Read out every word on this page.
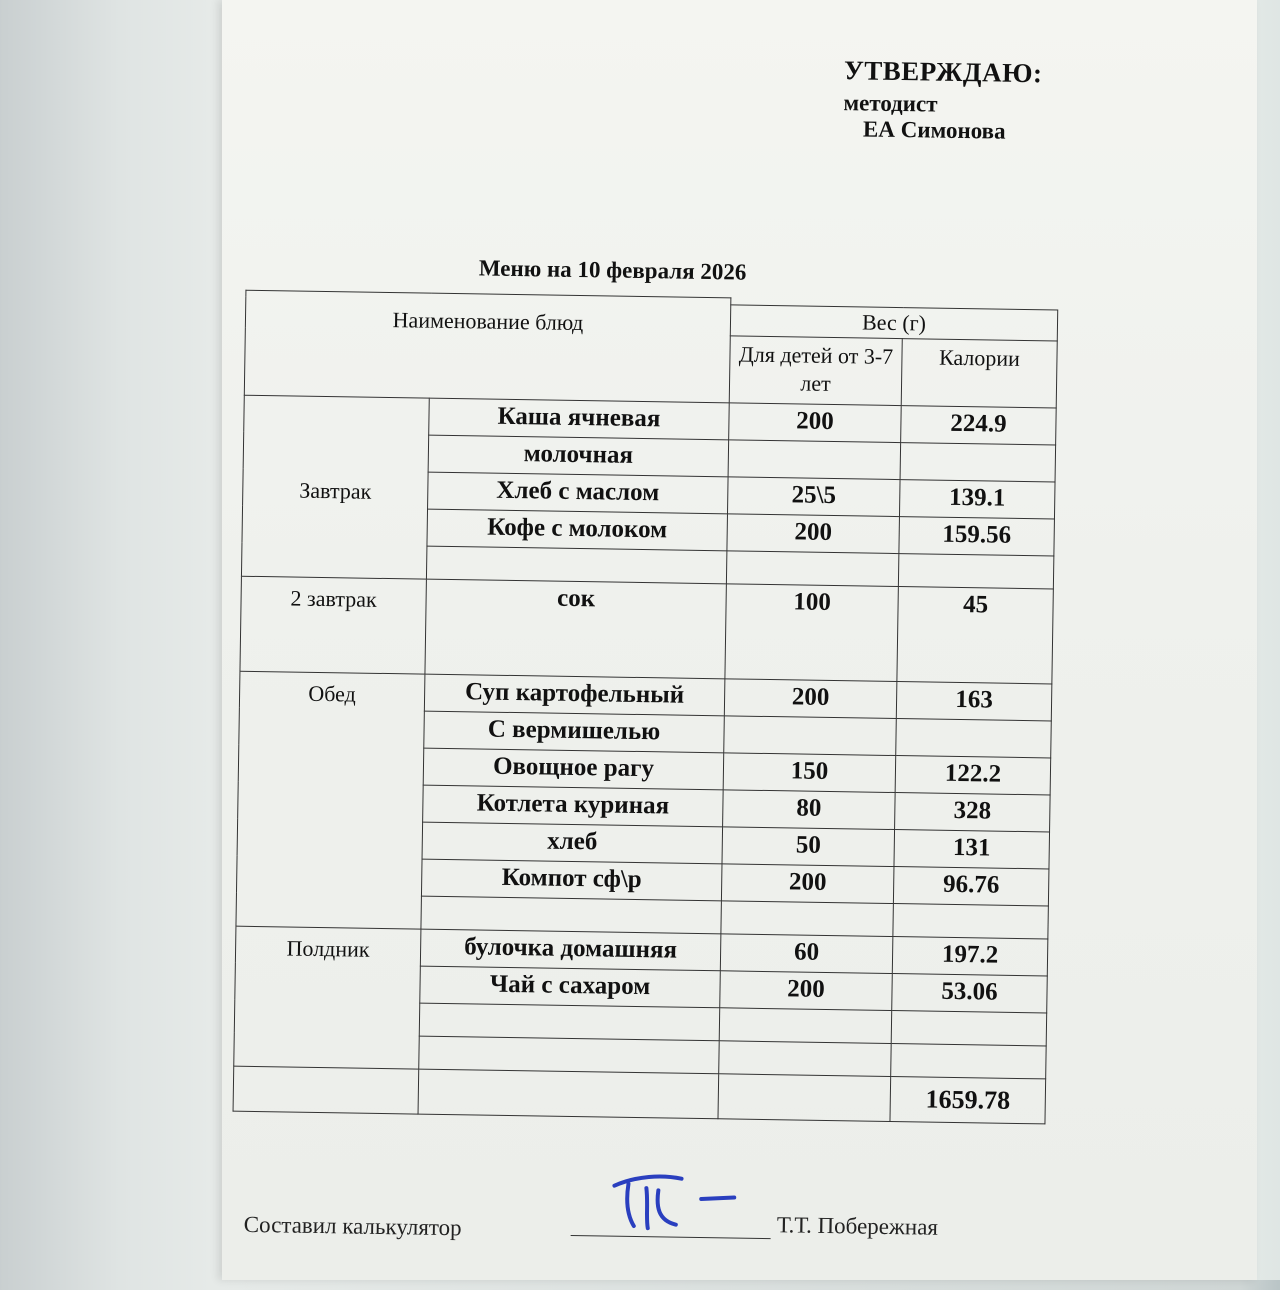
УТВЕРЖДАЮ:
методист
ЕА Симонова
Меню на 10 февраля 2026
Наименование блюд			
		Вес (г)	
		Для детей от 3-7 лет	Калории
Завтрак	Каша ячневая	200	224.9
	молочная		
	Хлеб с маслом	25\5	139.1
	Кофе с молоком	200	159.56

2 завтрак	сок	100	45
Обед	Суп картофельный	200	163
	С вермишелью		
	Овощное рагу	150	122.2
	Котлета куриная	80	328
	хлеб	50	131
	Компот сф\р	200	96.76

Полдник	булочка домашняя	60	197.2
	Чай с сахаром	200	53.06

			1659.78
Составил калькулятор	Т.Т. Побережная
